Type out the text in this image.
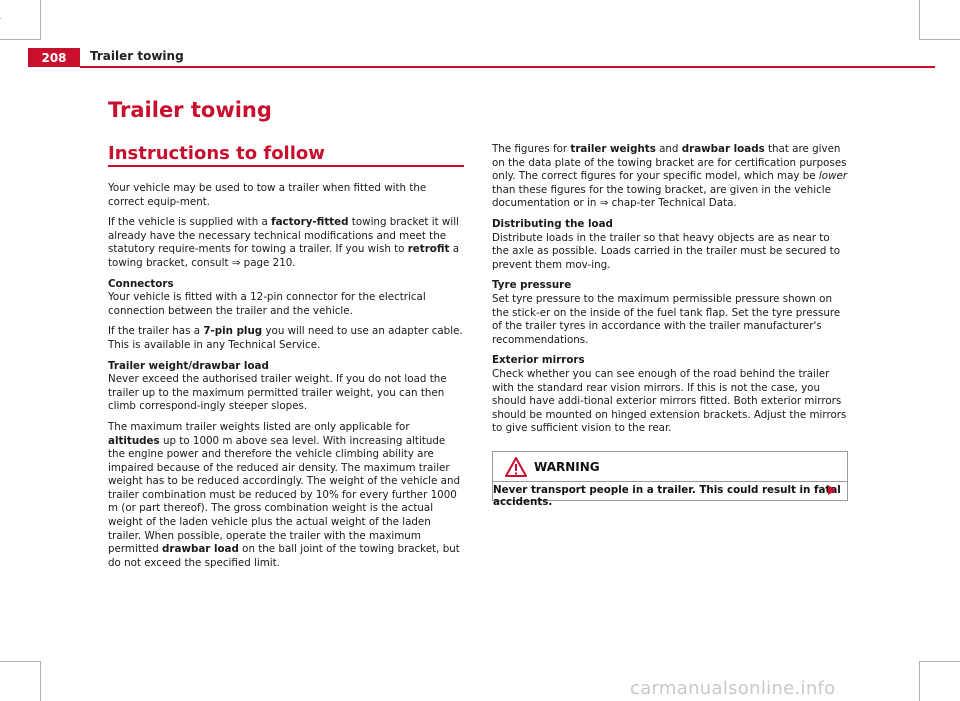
208	Trailer towing
Trailer towing
Instructions to follow

Your vehicle may be used to tow a trailer when fitted with the correct equip-ment.

If the vehicle is supplied with a factory-fitted towing bracket it will already have the necessary technical modifications and meet the statutory require-ments for towing a trailer. If you wish to retrofit a towing bracket, consult ⇒ page 210.

Connectors

Your vehicle is fitted with a 12-pin connector for the electrical connection between the trailer and the vehicle.

If the trailer has a 7-pin plug you will need to use an adapter cable. This is available in any Technical Service.

Trailer weight/drawbar load

Never exceed the authorised trailer weight. If you do not load the trailer up to the maximum permitted trailer weight, you can then climb correspond-ingly steeper slopes.

The maximum trailer weights listed are only applicable for altitudes up to 1000 m above sea level. With increasing altitude the engine power and therefore the vehicle climbing ability are impaired because of the reduced air density. The maximum trailer weight has to be reduced accordingly. The weight of the vehicle and trailer combination must be reduced by 10% for every further 1000 m (or part thereof). The gross combination weight is the actual weight of the laden vehicle plus the actual weight of the laden trailer. When possible, operate the trailer with the maximum permitted drawbar load on the ball joint of the towing bracket, but do not exceed the specified limit.

The figures for trailer weights and drawbar loads that are given on the data plate of the towing bracket are for certification purposes only. The correct figures for your specific model, which may be lower than these figures for the towing bracket, are given in the vehicle documentation or in ⇒ chap-ter Technical Data.

Distributing the load

Distribute loads in the trailer so that heavy objects are as near to the axle as possible. Loads carried in the trailer must be secured to prevent them mov-ing.

Tyre pressure

Set tyre pressure to the maximum permissible pressure shown on the stick-er on the inside of the fuel tank flap. Set the tyre pressure of the trailer tyres in accordance with the trailer manufacturer's recommendations.

Exterior mirrors

Check whether you can see enough of the road behind the trailer with the standard rear vision mirrors. If this is not the case, you should have addi-tional exterior mirrors fitted. Both exterior mirrors should be mounted on hinged extension brackets. Adjust the mirrors to give sufficient vision to the rear.

WARNING
Never transport people in a trailer. This could result in fatal accidents.
carmanualsonline.info
